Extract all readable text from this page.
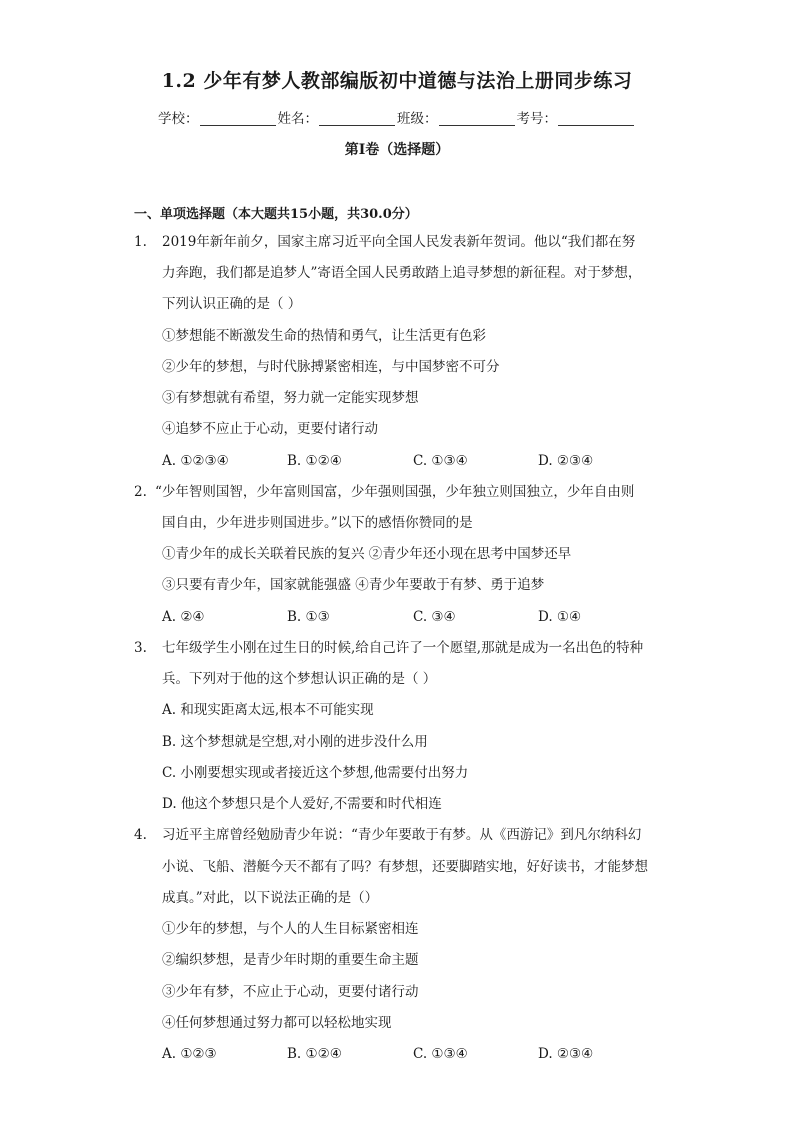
1.2 少年有梦人教部编版初中道德与法治上册同步练习
学校：	姓名：	班级：	考号：
第I卷（选择题）
一、单项选择题（本大题共15小题，共30.0分）
1. 2019年新年前夕，国家主席习近平向全国人民发表新年贺词。他以“我们都在努
力奔跑，我们都是追梦人”寄语全国人民勇敢踏上追寻梦想的新征程。对于梦想，
下列认识正确的是（ ）
①梦想能不断激发生命的热情和勇气，让生活更有色彩
②少年的梦想，与时代脉搏紧密相连，与中国梦密不可分
③有梦想就有希望，努力就一定能实现梦想
④追梦不应止于心动，更要付诸行动
A. ①②③④	B. ①②④	C. ①③④	D. ②③④
2. “少年智则国智，少年富则国富，少年强则国强，少年独立则国独立，少年自由则
国自由，少年进步则国进步。”以下的感悟你赞同的是
①青少年的成长关联着民族的复兴 ②青少年还小现在思考中国梦还早
③只要有青少年，国家就能强盛 ④青少年要敢于有梦、勇于追梦
A. ②④	B. ①③	C. ③④	D. ①④
3. 七年级学生小刚在过生日的时候,给自己许了一个愿望,那就是成为一名出色的特种
兵。下列对于他的这个梦想认识正确的是（ ）
A. 和现实距离太远,根本不可能实现
B. 这个梦想就是空想,对小刚的进步没什么用
C. 小刚要想实现或者接近这个梦想,他需要付出努力
D. 他这个梦想只是个人爱好,不需要和时代相连
4. 习近平主席曾经勉励青少年说：“青少年要敢于有梦。从《西游记》到凡尔纳科幻
小说、飞船、潜艇今天不都有了吗？有梦想，还要脚踏实地，好好读书，才能梦想
成真。”对此，以下说法正确的是（）
①少年的梦想，与个人的人生目标紧密相连
②编织梦想，是青少年时期的重要生命主题
③少年有梦，不应止于心动，更要付诸行动
④任何梦想通过努力都可以轻松地实现
A. ①②③	B. ①②④	C. ①③④	D. ②③④
